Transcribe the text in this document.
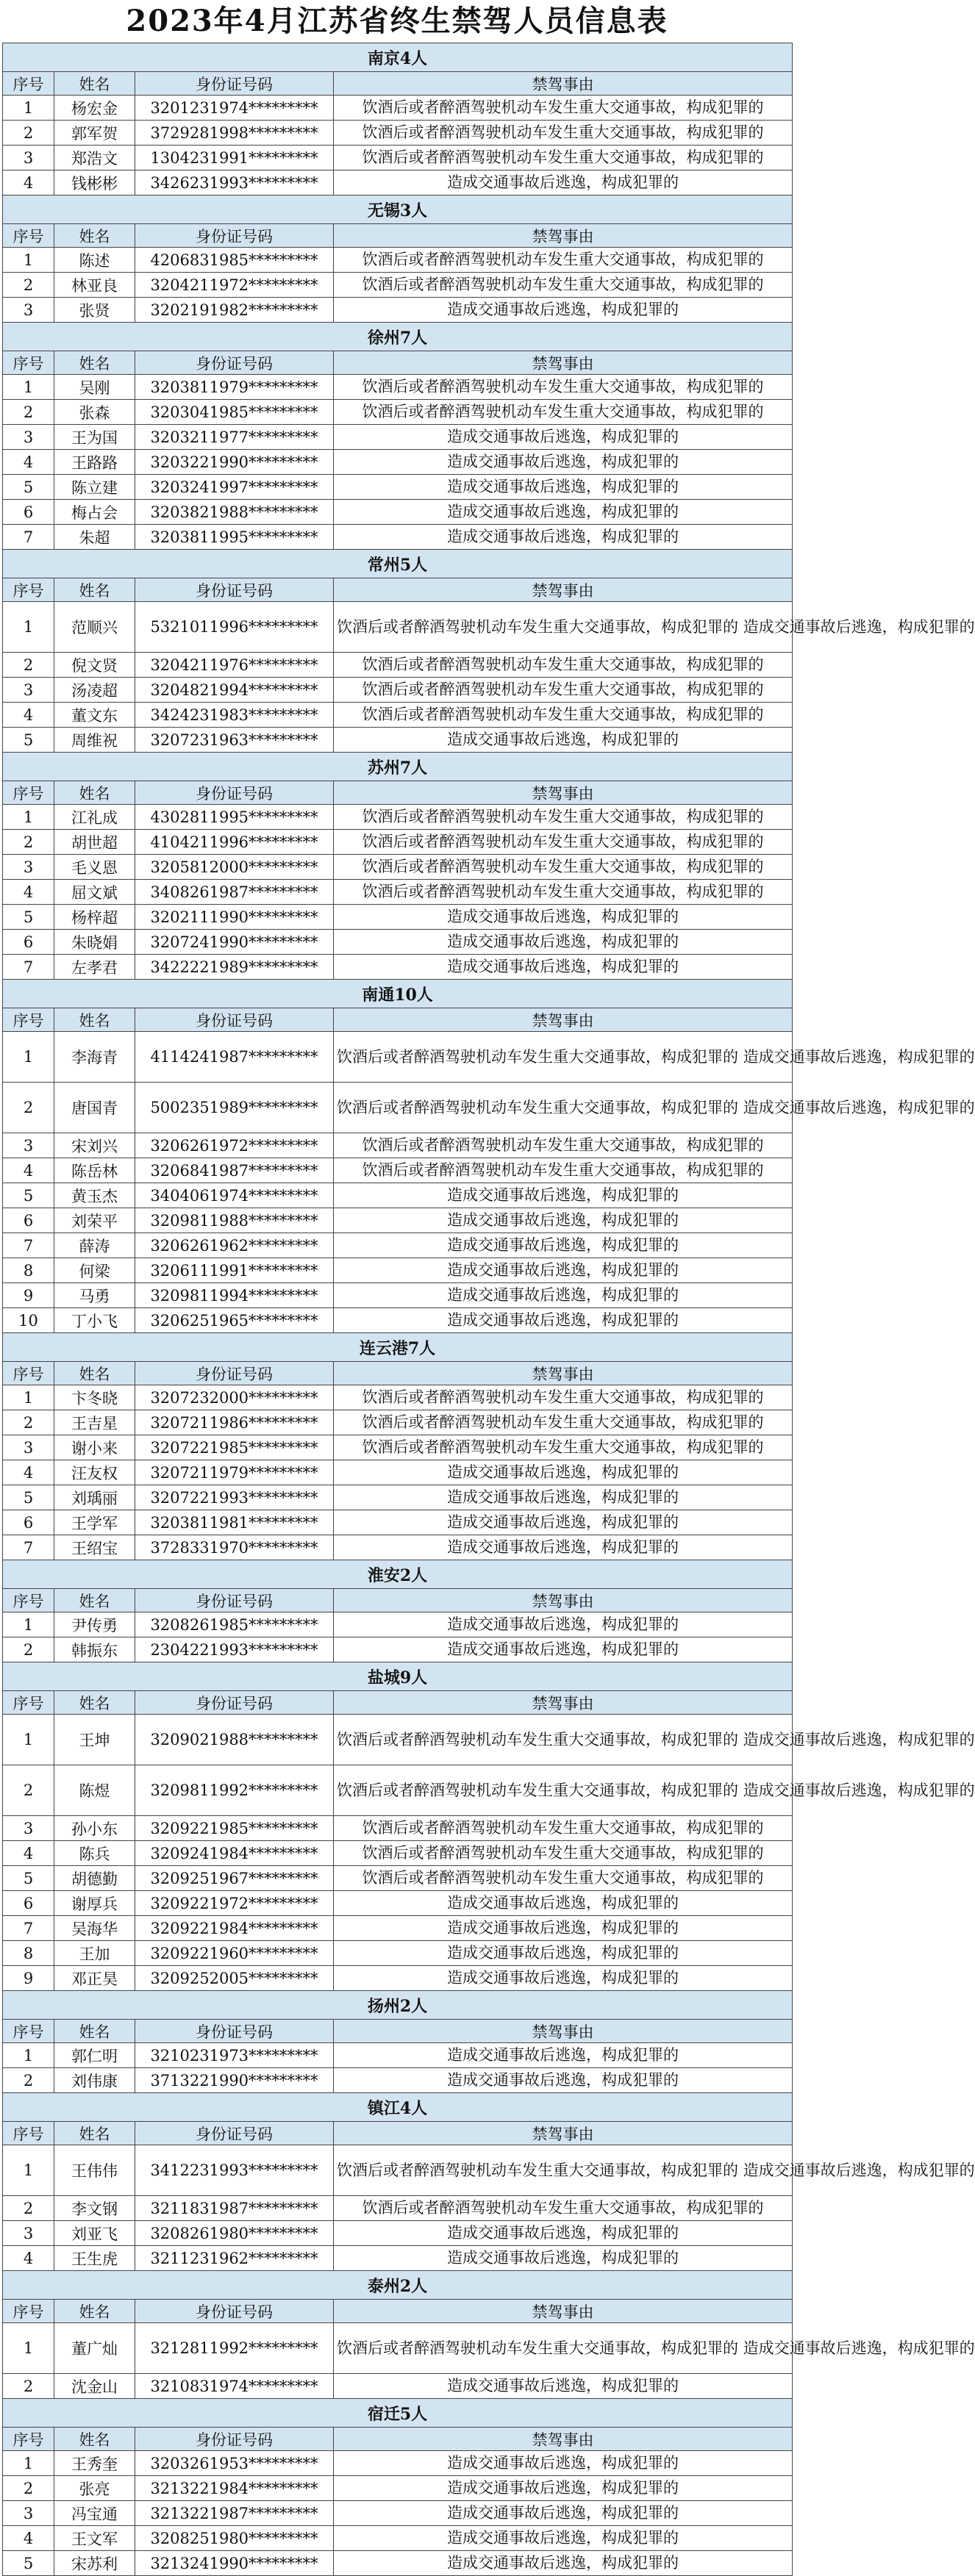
2023年4月江苏省终生禁驾人员信息表
南京4人			
序号	姓名	身份证号码	禁驾事由
1	杨宏金	3201231974*********	饮酒后或者醉酒驾驶机动车发生重大交通事故，构成犯罪的
2	郭军贺	3729281998*********	饮酒后或者醉酒驾驶机动车发生重大交通事故，构成犯罪的
3	郑浩文	1304231991*********	饮酒后或者醉酒驾驶机动车发生重大交通事故，构成犯罪的
4	钱彬彬	3426231993*********	造成交通事故后逃逸，构成犯罪的
无锡3人			
序号	姓名	身份证号码	禁驾事由
1	陈述	4206831985*********	饮酒后或者醉酒驾驶机动车发生重大交通事故，构成犯罪的
2	林亚良	3204211972*********	饮酒后或者醉酒驾驶机动车发生重大交通事故，构成犯罪的
3	张贤	3202191982*********	造成交通事故后逃逸，构成犯罪的
徐州7人			
序号	姓名	身份证号码	禁驾事由
1	吴刚	3203811979*********	饮酒后或者醉酒驾驶机动车发生重大交通事故，构成犯罪的
2	张森	3203041985*********	饮酒后或者醉酒驾驶机动车发生重大交通事故，构成犯罪的
3	王为国	3203211977*********	造成交通事故后逃逸，构成犯罪的
4	王路路	3203221990*********	造成交通事故后逃逸，构成犯罪的
5	陈立建	3203241997*********	造成交通事故后逃逸，构成犯罪的
6	梅占会	3203821988*********	造成交通事故后逃逸，构成犯罪的
7	朱超	3203811995*********	造成交通事故后逃逸，构成犯罪的
常州5人			
序号	姓名	身份证号码	禁驾事由
1	范顺兴	5321011996*********	饮酒后或者醉酒驾驶机动车发生重大交通事故，构成犯罪的 造成交通事故后逃逸，构成犯罪的
2	倪文贤	3204211976*********	饮酒后或者醉酒驾驶机动车发生重大交通事故，构成犯罪的
3	汤凌超	3204821994*********	饮酒后或者醉酒驾驶机动车发生重大交通事故，构成犯罪的
4	董文东	3424231983*********	饮酒后或者醉酒驾驶机动车发生重大交通事故，构成犯罪的
5	周维祝	3207231963*********	造成交通事故后逃逸，构成犯罪的
苏州7人			
序号	姓名	身份证号码	禁驾事由
1	江礼成	4302811995*********	饮酒后或者醉酒驾驶机动车发生重大交通事故，构成犯罪的
2	胡世超	4104211996*********	饮酒后或者醉酒驾驶机动车发生重大交通事故，构成犯罪的
3	毛义恩	3205812000*********	饮酒后或者醉酒驾驶机动车发生重大交通事故，构成犯罪的
4	屈文斌	3408261987*********	饮酒后或者醉酒驾驶机动车发生重大交通事故，构成犯罪的
5	杨梓超	3202111990*********	造成交通事故后逃逸，构成犯罪的
6	朱晓娟	3207241990*********	造成交通事故后逃逸，构成犯罪的
7	左孝君	3422221989*********	造成交通事故后逃逸，构成犯罪的
南通10人			
序号	姓名	身份证号码	禁驾事由
1	李海青	4114241987*********	饮酒后或者醉酒驾驶机动车发生重大交通事故，构成犯罪的 造成交通事故后逃逸，构成犯罪的
2	唐国青	5002351989*********	饮酒后或者醉酒驾驶机动车发生重大交通事故，构成犯罪的 造成交通事故后逃逸，构成犯罪的
3	宋刘兴	3206261972*********	饮酒后或者醉酒驾驶机动车发生重大交通事故，构成犯罪的
4	陈岳林	3206841987*********	饮酒后或者醉酒驾驶机动车发生重大交通事故，构成犯罪的
5	黄玉杰	3404061974*********	造成交通事故后逃逸，构成犯罪的
6	刘荣平	3209811988*********	造成交通事故后逃逸，构成犯罪的
7	薛涛	3206261962*********	造成交通事故后逃逸，构成犯罪的
8	何梁	3206111991*********	造成交通事故后逃逸，构成犯罪的
9	马勇	3209811994*********	造成交通事故后逃逸，构成犯罪的
10	丁小飞	3206251965*********	造成交通事故后逃逸，构成犯罪的
连云港7人			
序号	姓名	身份证号码	禁驾事由
1	卞冬晓	3207232000*********	饮酒后或者醉酒驾驶机动车发生重大交通事故，构成犯罪的
2	王吉星	3207211986*********	饮酒后或者醉酒驾驶机动车发生重大交通事故，构成犯罪的
3	谢小来	3207221985*********	饮酒后或者醉酒驾驶机动车发生重大交通事故，构成犯罪的
4	汪友权	3207211979*********	造成交通事故后逃逸，构成犯罪的
5	刘瑀丽	3207221993*********	造成交通事故后逃逸，构成犯罪的
6	王学军	3203811981*********	造成交通事故后逃逸，构成犯罪的
7	王绍宝	3728331970*********	造成交通事故后逃逸，构成犯罪的
淮安2人			
序号	姓名	身份证号码	禁驾事由
1	尹传勇	3208261985*********	造成交通事故后逃逸，构成犯罪的
2	韩振东	2304221993*********	造成交通事故后逃逸，构成犯罪的
盐城9人			
序号	姓名	身份证号码	禁驾事由
1	王坤	3209021988*********	饮酒后或者醉酒驾驶机动车发生重大交通事故，构成犯罪的 造成交通事故后逃逸，构成犯罪的
2	陈煜	3209811992*********	饮酒后或者醉酒驾驶机动车发生重大交通事故，构成犯罪的 造成交通事故后逃逸，构成犯罪的
3	孙小东	3209221985*********	饮酒后或者醉酒驾驶机动车发生重大交通事故，构成犯罪的
4	陈兵	3209241984*********	饮酒后或者醉酒驾驶机动车发生重大交通事故，构成犯罪的
5	胡德勤	3209251967*********	饮酒后或者醉酒驾驶机动车发生重大交通事故，构成犯罪的
6	谢厚兵	3209221972*********	造成交通事故后逃逸，构成犯罪的
7	吴海华	3209221984*********	造成交通事故后逃逸，构成犯罪的
8	王加	3209221960*********	造成交通事故后逃逸，构成犯罪的
9	邓正昊	3209252005*********	造成交通事故后逃逸，构成犯罪的
扬州2人			
序号	姓名	身份证号码	禁驾事由
1	郭仁明	3210231973*********	造成交通事故后逃逸，构成犯罪的
2	刘伟康	3713221990*********	造成交通事故后逃逸，构成犯罪的
镇江4人			
序号	姓名	身份证号码	禁驾事由
1	王伟伟	3412231993*********	饮酒后或者醉酒驾驶机动车发生重大交通事故，构成犯罪的 造成交通事故后逃逸，构成犯罪的
2	李文钢	3211831987*********	饮酒后或者醉酒驾驶机动车发生重大交通事故，构成犯罪的
3	刘亚飞	3208261980*********	造成交通事故后逃逸，构成犯罪的
4	王生虎	3211231962*********	造成交通事故后逃逸，构成犯罪的
泰州2人			
序号	姓名	身份证号码	禁驾事由
1	董广灿	3212811992*********	饮酒后或者醉酒驾驶机动车发生重大交通事故，构成犯罪的 造成交通事故后逃逸，构成犯罪的
2	沈金山	3210831974*********	造成交通事故后逃逸，构成犯罪的
宿迁5人			
序号	姓名	身份证号码	禁驾事由
1	王秀奎	3203261953*********	造成交通事故后逃逸，构成犯罪的
2	张亮	3213221984*********	造成交通事故后逃逸，构成犯罪的
3	冯宝通	3213221987*********	造成交通事故后逃逸，构成犯罪的
4	王文军	3208251980*********	造成交通事故后逃逸，构成犯罪的
5	宋苏利	3213241990*********	造成交通事故后逃逸，构成犯罪的
